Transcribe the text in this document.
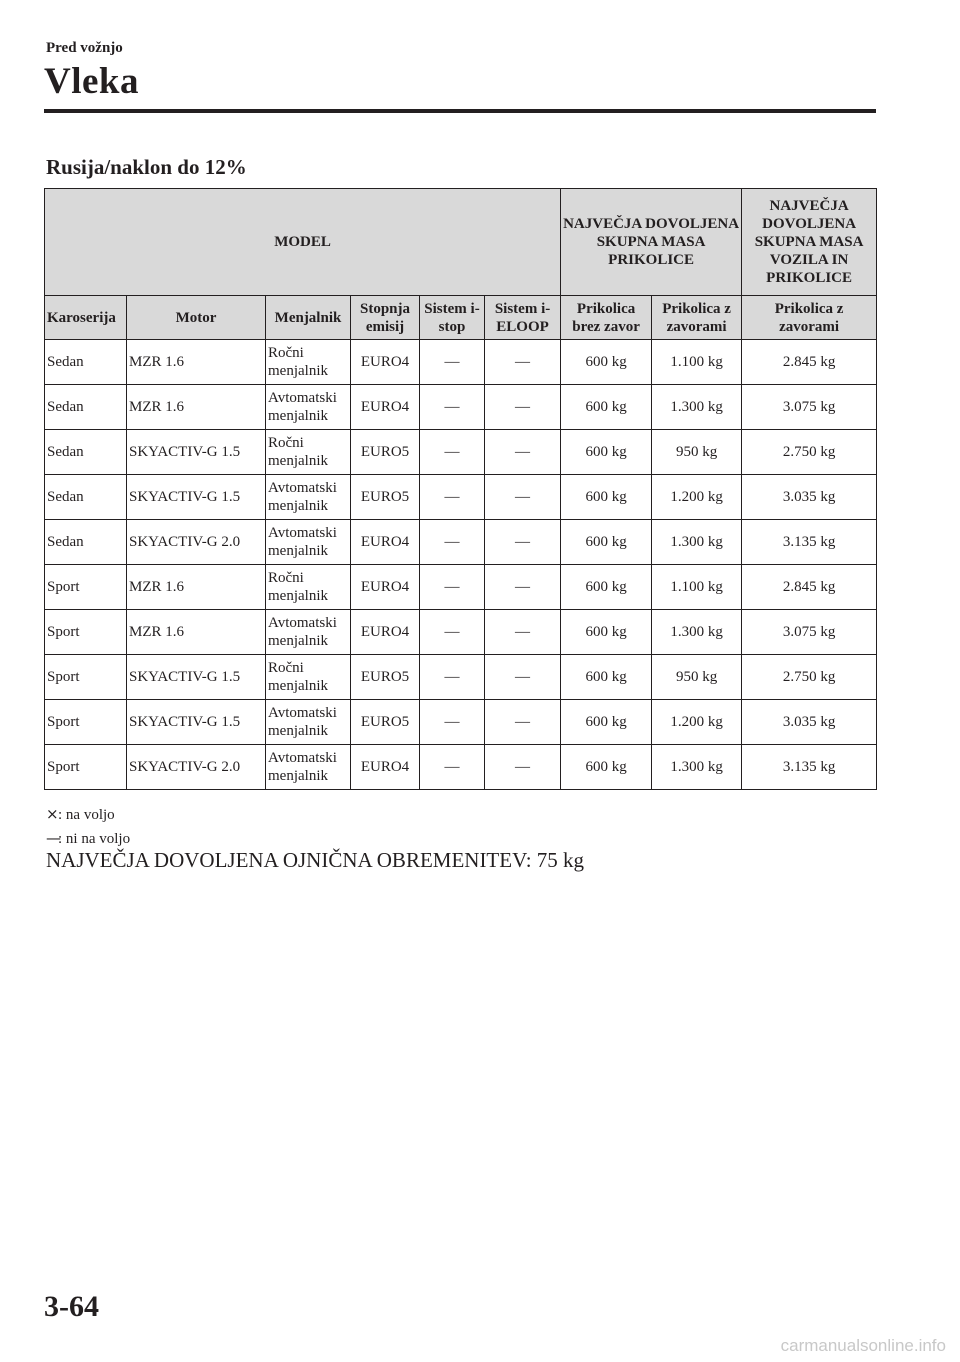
Pred vožnjo
Vleka
Rusija/naklon do 12%
MODEL						NAJVEČJA DOVOLJENA SKUPNA MASA PRIKOLICE		NAJVEČJA DOVOLJENA SKUPNA MASA VOZILA IN PRIKOLICE
Karoserija	Motor	Menjalnik	Stopnja emisij	Sistem i-stop	Sistem i-ELOOP	Prikolica brez zavor	Prikolica z zavorami	Prikolica z zavorami
Sedan	MZR 1.6	Ročni menjalnik	EURO4	—	—	600 kg	1.100 kg	2.845 kg
Sedan	MZR 1.6	Avtomatski menjalnik	EURO4	—	—	600 kg	1.300 kg	3.075 kg
Sedan	SKYACTIV-G 1.5	Ročni menjalnik	EURO5	—	—	600 kg	950 kg	2.750 kg
Sedan	SKYACTIV-G 1.5	Avtomatski menjalnik	EURO5	—	—	600 kg	1.200 kg	3.035 kg
Sedan	SKYACTIV-G 2.0	Avtomatski menjalnik	EURO4	—	—	600 kg	1.300 kg	3.135 kg
Sport	MZR 1.6	Ročni menjalnik	EURO4	—	—	600 kg	1.100 kg	2.845 kg
Sport	MZR 1.6	Avtomatski menjalnik	EURO4	—	—	600 kg	1.300 kg	3.075 kg
Sport	SKYACTIV-G 1.5	Ročni menjalnik	EURO5	—	—	600 kg	950 kg	2.750 kg
Sport	SKYACTIV-G 1.5	Avtomatski menjalnik	EURO5	—	—	600 kg	1.200 kg	3.035 kg
Sport	SKYACTIV-G 2.0	Avtomatski menjalnik	EURO4	—	—	600 kg	1.300 kg	3.135 kg
×: na voljo
—: ni na voljo
NAJVEČJA DOVOLJENA OJNIČNA OBREMENITEV: 75 kg
3-64
carmanualsonline.info
